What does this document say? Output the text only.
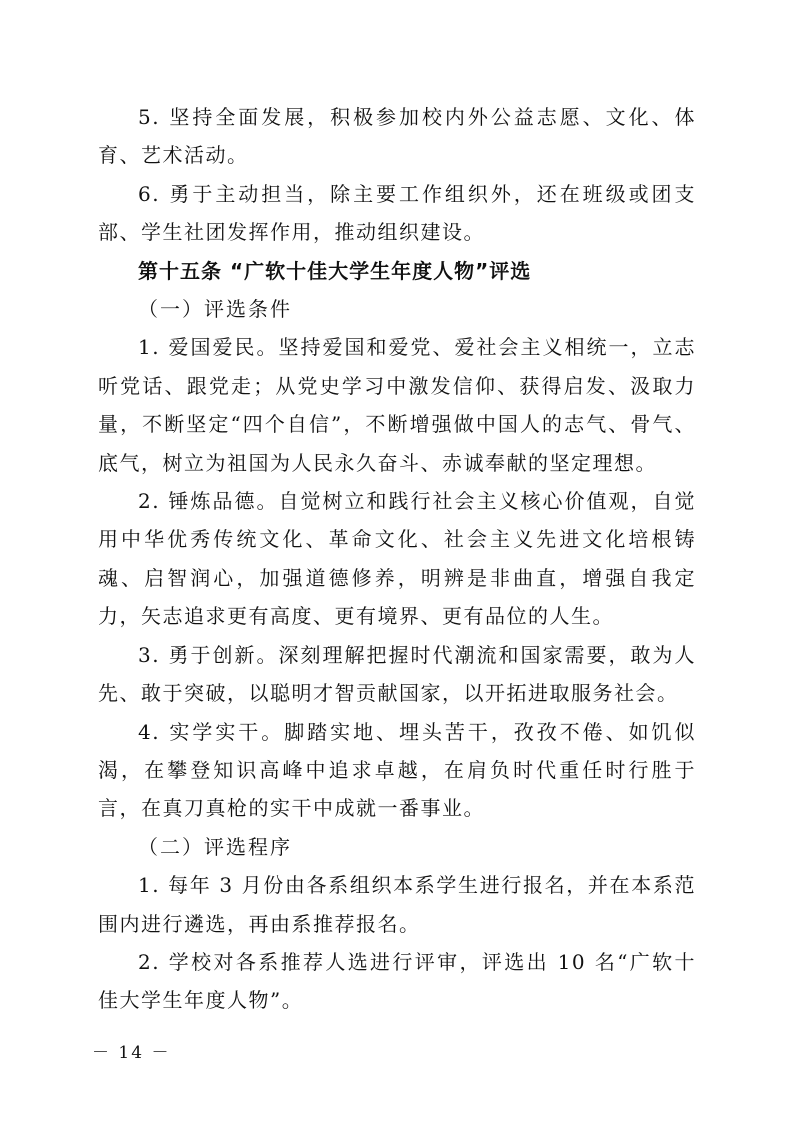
5. 坚持全面发展，积极参加校内外公益志愿、文化、体育、艺术活动。

6. 勇于主动担当，除主要工作组织外，还在班级或团支部、学生社团发挥作用，推动组织建设。

第十五条 “广软十佳大学生年度人物”评选

（一）评选条件

1. 爱国爱民。坚持爱国和爱党、爱社会主义相统一，立志听党话、跟党走；从党史学习中激发信仰、获得启发、汲取力量，不断坚定“四个自信”，不断增强做中国人的志气、骨气、底气，树立为祖国为人民永久奋斗、赤诚奉献的坚定理想。

2. 锤炼品德。自觉树立和践行社会主义核心价值观，自觉用中华优秀传统文化、革命文化、社会主义先进文化培根铸魂、启智润心，加强道德修养，明辨是非曲直，增强自我定力，矢志追求更有高度、更有境界、更有品位的人生。

3. 勇于创新。深刻理解把握时代潮流和国家需要，敢为人先、敢于突破，以聪明才智贡献国家，以开拓进取服务社会。

4. 实学实干。脚踏实地、埋头苦干，孜孜不倦、如饥似渴，在攀登知识高峰中追求卓越，在肩负时代重任时行胜于言，在真刀真枪的实干中成就一番事业。

（二）评选程序

1. 每年 3 月份由各系组织本系学生进行报名，并在本系范围内进行遴选，再由系推荐报名。

2. 学校对各系推荐人选进行评审，评选出 10 名“广软十佳大学生年度人物”。

－ 14 －
